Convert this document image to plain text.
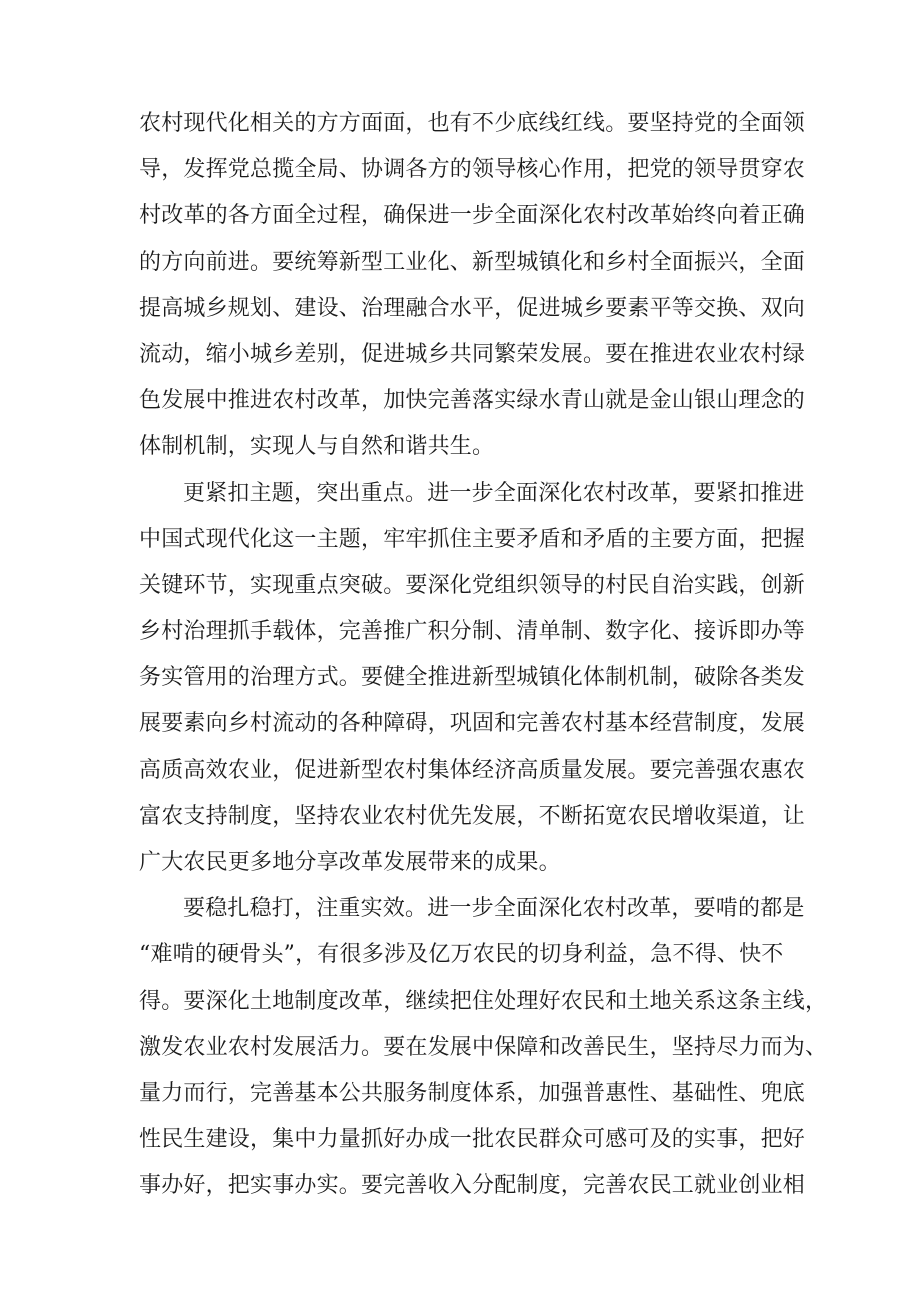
农村现代化相关的方方面面，也有不少底线红线。要坚持党的全面领
导，发挥党总揽全局、协调各方的领导核心作用，把党的领导贯穿农
村改革的各方面全过程，确保进一步全面深化农村改革始终向着正确
的方向前进。要统筹新型工业化、新型城镇化和乡村全面振兴，全面
提高城乡规划、建设、治理融合水平，促进城乡要素平等交换、双向
流动，缩小城乡差别，促进城乡共同繁荣发展。要在推进农业农村绿
色发展中推进农村改革，加快完善落实绿水青山就是金山银山理念的
体制机制，实现人与自然和谐共生。
更紧扣主题，突出重点。进一步全面深化农村改革，要紧扣推进
中国式现代化这一主题，牢牢抓住主要矛盾和矛盾的主要方面，把握
关键环节，实现重点突破。要深化党组织领导的村民自治实践，创新
乡村治理抓手载体，完善推广积分制、清单制、数字化、接诉即办等
务实管用的治理方式。要健全推进新型城镇化体制机制，破除各类发
展要素向乡村流动的各种障碍，巩固和完善农村基本经营制度，发展
高质高效农业，促进新型农村集体经济高质量发展。要完善强农惠农
富农支持制度，坚持农业农村优先发展，不断拓宽农民增收渠道，让
广大农民更多地分享改革发展带来的成果。
要稳扎稳打，注重实效。进一步全面深化农村改革，要啃的都是
“难啃的硬骨头”，有很多涉及亿万农民的切身利益，急不得、快不
得。要深化土地制度改革，继续把住处理好农民和土地关系这条主线，
激发农业农村发展活力。要在发展中保障和改善民生，坚持尽力而为、
量力而行，完善基本公共服务制度体系，加强普惠性、基础性、兜底
性民生建设，集中力量抓好办成一批农民群众可感可及的实事，把好
事办好，把实事办实。要完善收入分配制度，完善农民工就业创业相
